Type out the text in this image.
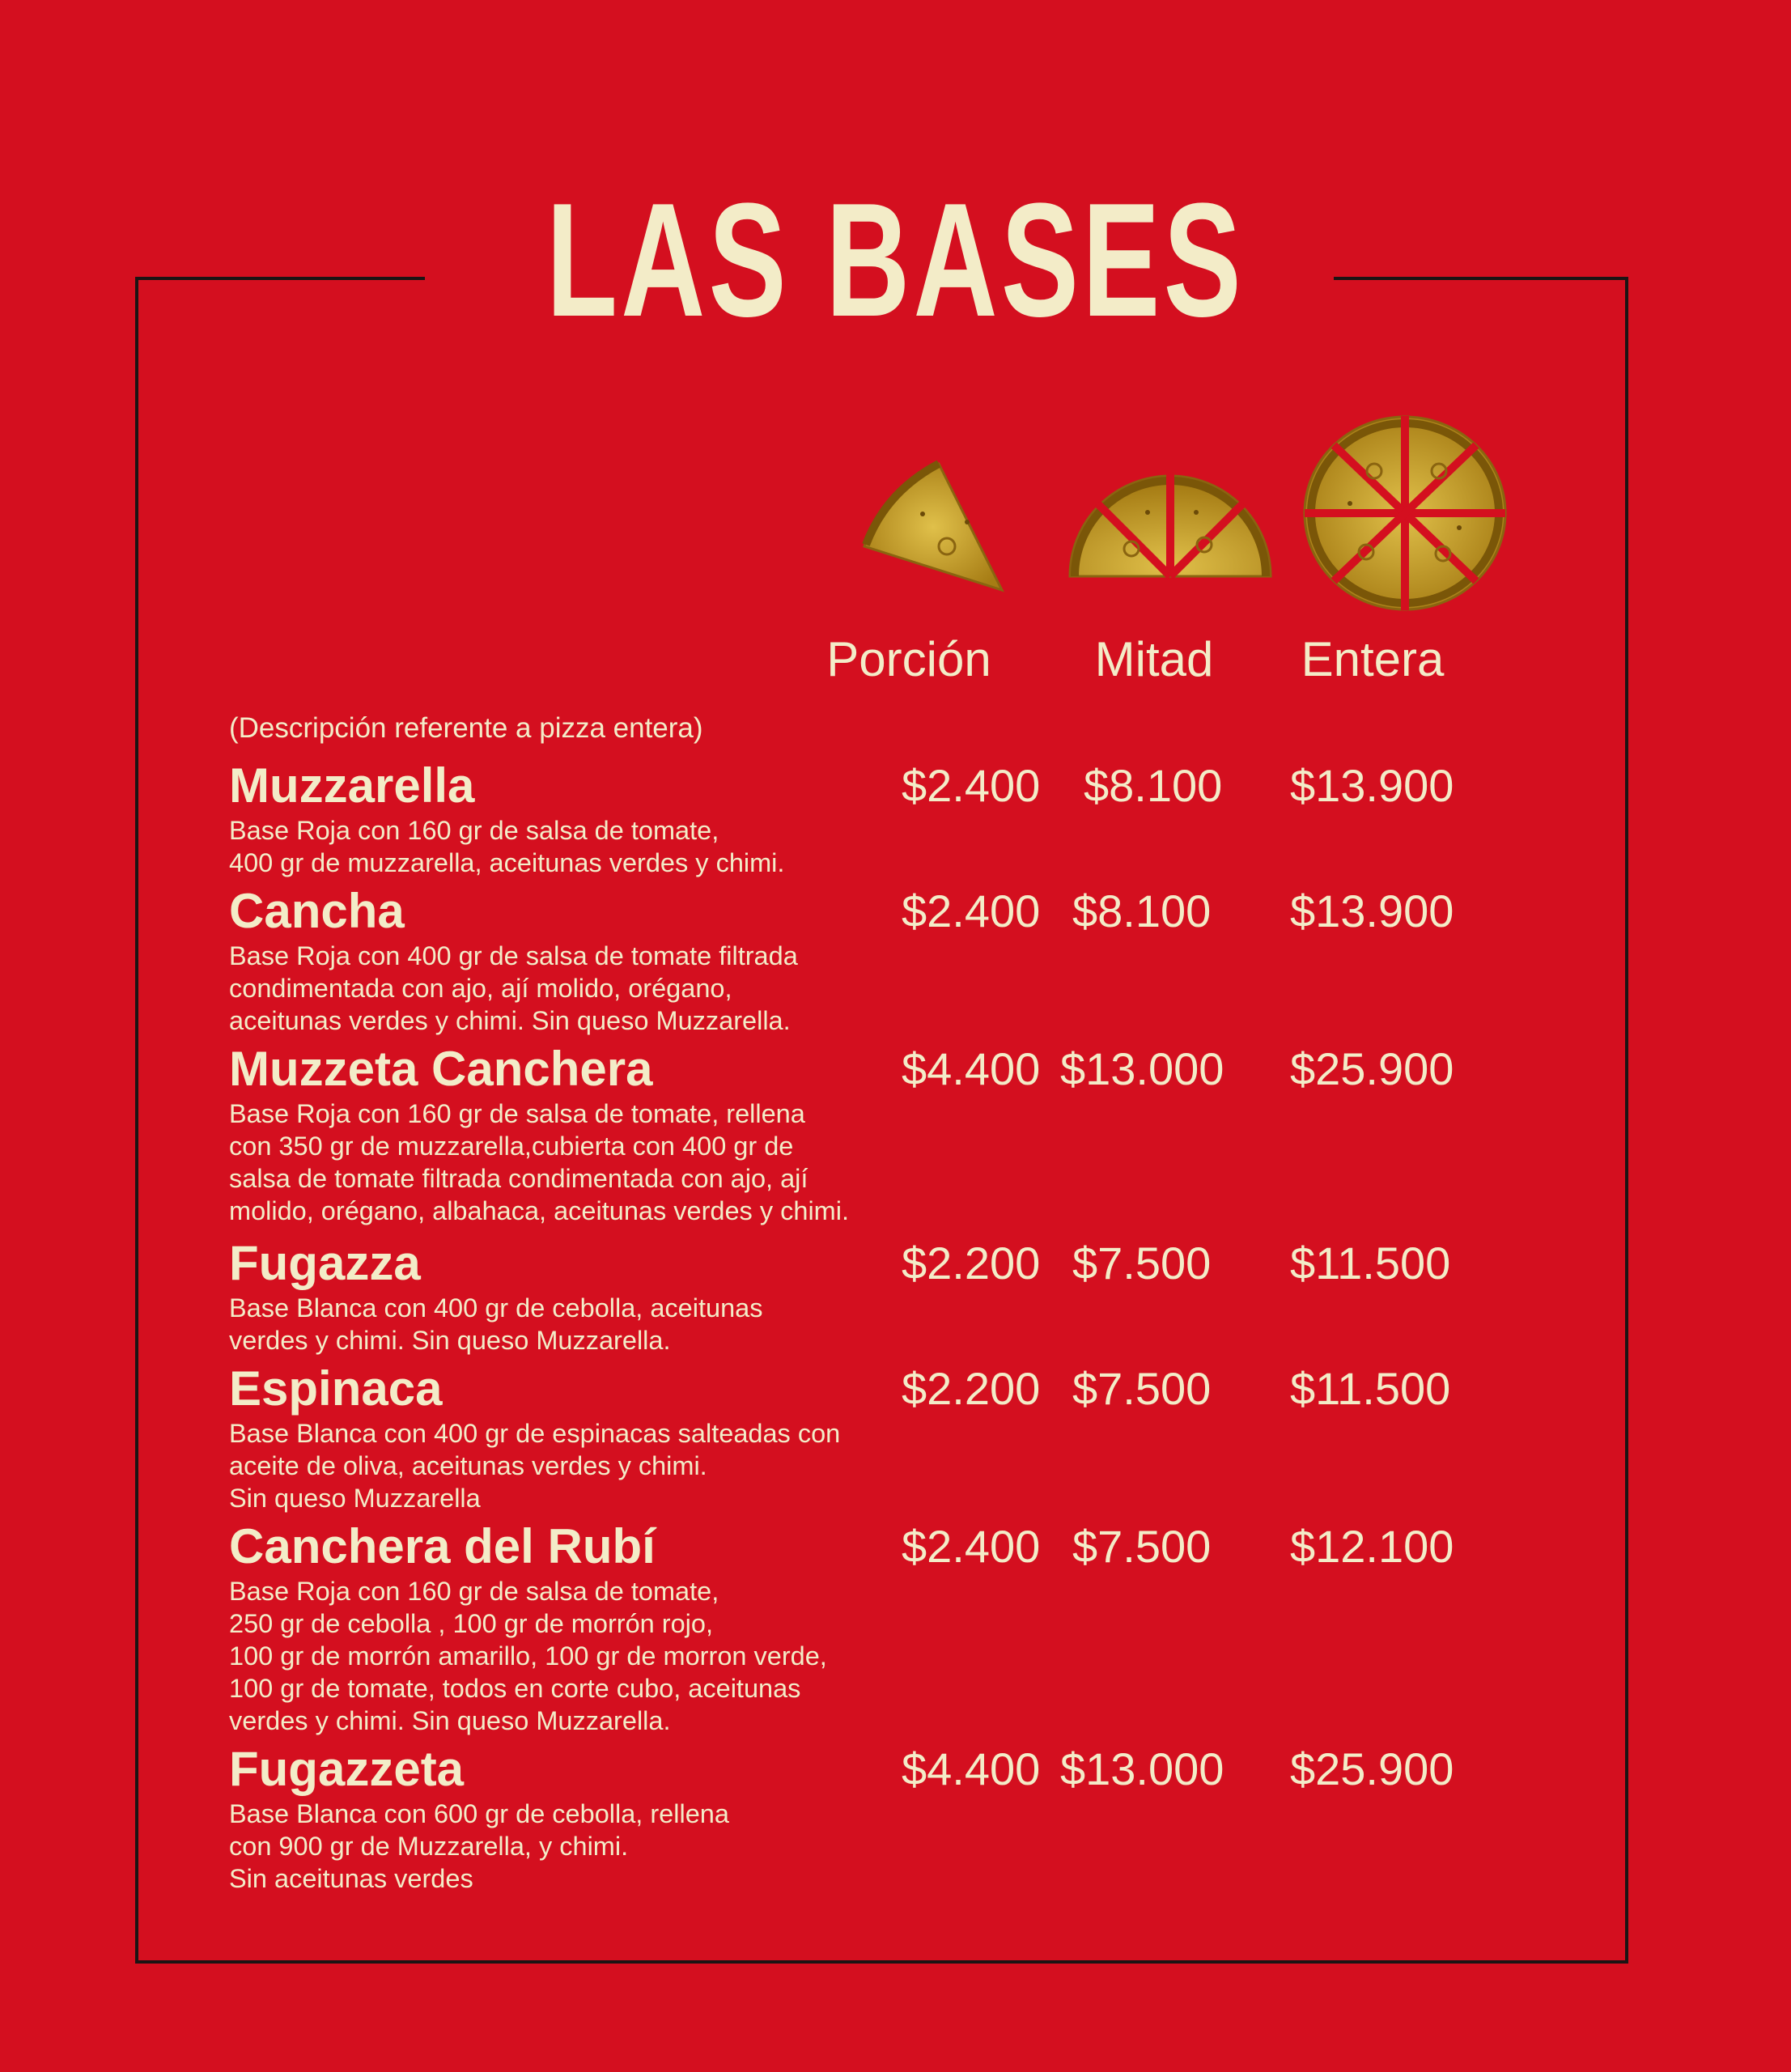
LAS BASES
Porción	Mitad	Entera
(Descripción referente a pizza entera)
Muzzarella
Base Roja con 160 gr de salsa de tomate,
400 gr de muzzarella, aceitunas verdes y chimi.
$2.400 $8.100 $13.900
Cancha
Base Roja con 400 gr de salsa de tomate filtrada
condimentada con ajo, ají molido, orégano,
aceitunas verdes y chimi. Sin queso Muzzarella.
$2.400 $8.100 $13.900
Muzzeta Canchera
Base Roja con 160 gr de salsa de tomate, rellena
con 350 gr de muzzarella,cubierta con 400 gr de
salsa de tomate filtrada condimentada con ajo, ají
molido, orégano, albahaca, aceitunas verdes y chimi.
$4.400 $13.000 $25.900
Fugazza
Base Blanca con 400 gr de cebolla, aceitunas
verdes y chimi. Sin queso Muzzarella.
$2.200 $7.500 $11.500
Espinaca
Base Blanca con 400 gr de espinacas salteadas con
aceite de oliva, aceitunas verdes y chimi.
Sin queso Muzzarella
$2.200 $7.500 $11.500
Canchera del Rubí
Base Roja con 160 gr de salsa de tomate,
250 gr de cebolla , 100 gr de morrón rojo,
100 gr de morrón amarillo, 100 gr de morron verde,
100 gr de tomate, todos en corte cubo, aceitunas
verdes y chimi. Sin queso Muzzarella.
$2.400 $7.500 $12.100
Fugazzeta
Base Blanca con 600 gr de cebolla, rellena
con 900 gr de Muzzarella, y chimi.
Sin aceitunas verdes
$4.400 $13.000 $25.900
